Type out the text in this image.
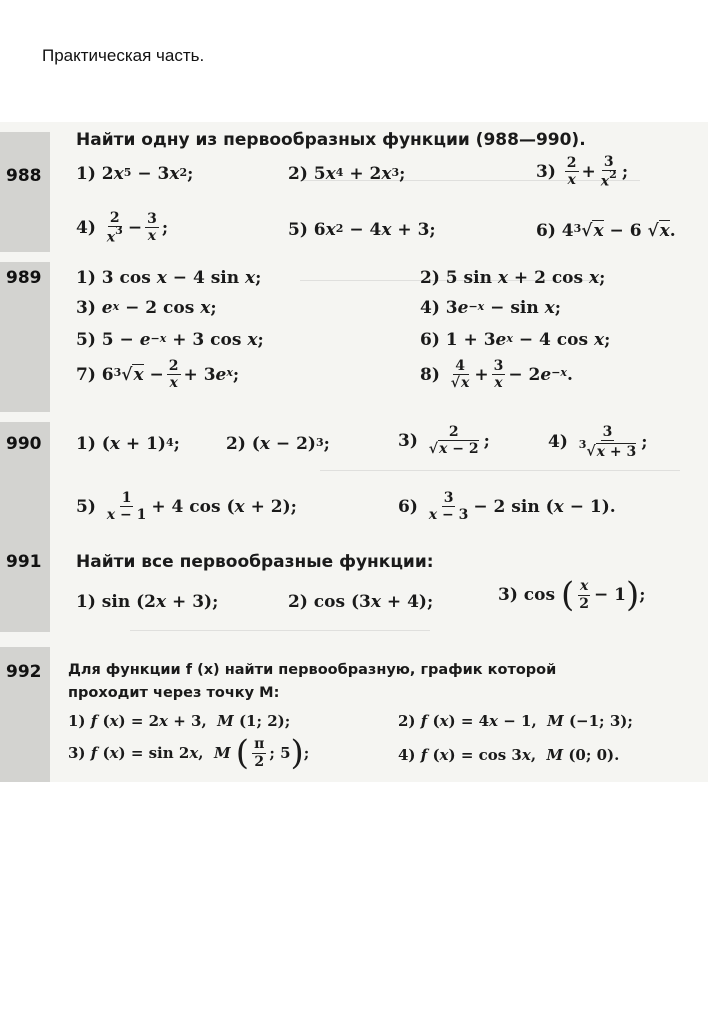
Практическая часть.
988
Найти одну из первообразных функции (988—990).
1) 2 $x^5 - 3$ $x^2$ ;	2) 5 $x^4 + 2$ $x^3$ ;	$3) \frac{2}{x} + \frac{3}{x^2}$ ;
$4) \frac{2}{x^3} - \frac{3}{x}$ ;	5) 6 $x^2 - 4$ x + 3;	6) $4^3$ √ x − 6 √ x .
989 1) 3 cos x − 4 sin x ;	2) 5 sin x + 2 cos x ;
3) e $^x$ − 2 cos x ;	4) 3 $e^{-x} - \sin x$ ;
5) $5 - e^{-x} + 3$ cos x ;	6) 1 + 3 e $^x$ − 4 cos x ;
7) $6^3$ √ $x - \frac{2}{x} + 3$ e $^x$ ;	$8) \frac{4}{√x} + \frac{3}{x} - 2$ $e^{-x}$ .
990 1) ( x + 1)$^4$ ;	2) ( x − 2)$^3$ ;	$3) \frac{2}{√x - 2}$ ;	$4) \frac{3}{^3√x + 3}$ ;
$5) \frac{1}{x - 1} + 4$ cos ( x + 2);	$6) \frac{3}{x - 3} - 2$ sin ( x − 1).
991 Найти все первообразные функции:
1) sin (2 x + 3);	2) cos (3 x + 4);	3) cos ( $\frac{x}{2} - 1$ ) ;
992 Для функции f (x) найти первообразную, график которой
проходит через точку M:
1) f ( x ) = 2 x + 3, M (1; 2);	2) f ( x ) = 4 x − 1, M (−1; 3);
3) f ( x ) = sin 2 x , M
( $\frac{\pi}{2}$ ; 5 ) ;	4) f ( x ) = cos 3 x , M (0; 0).
